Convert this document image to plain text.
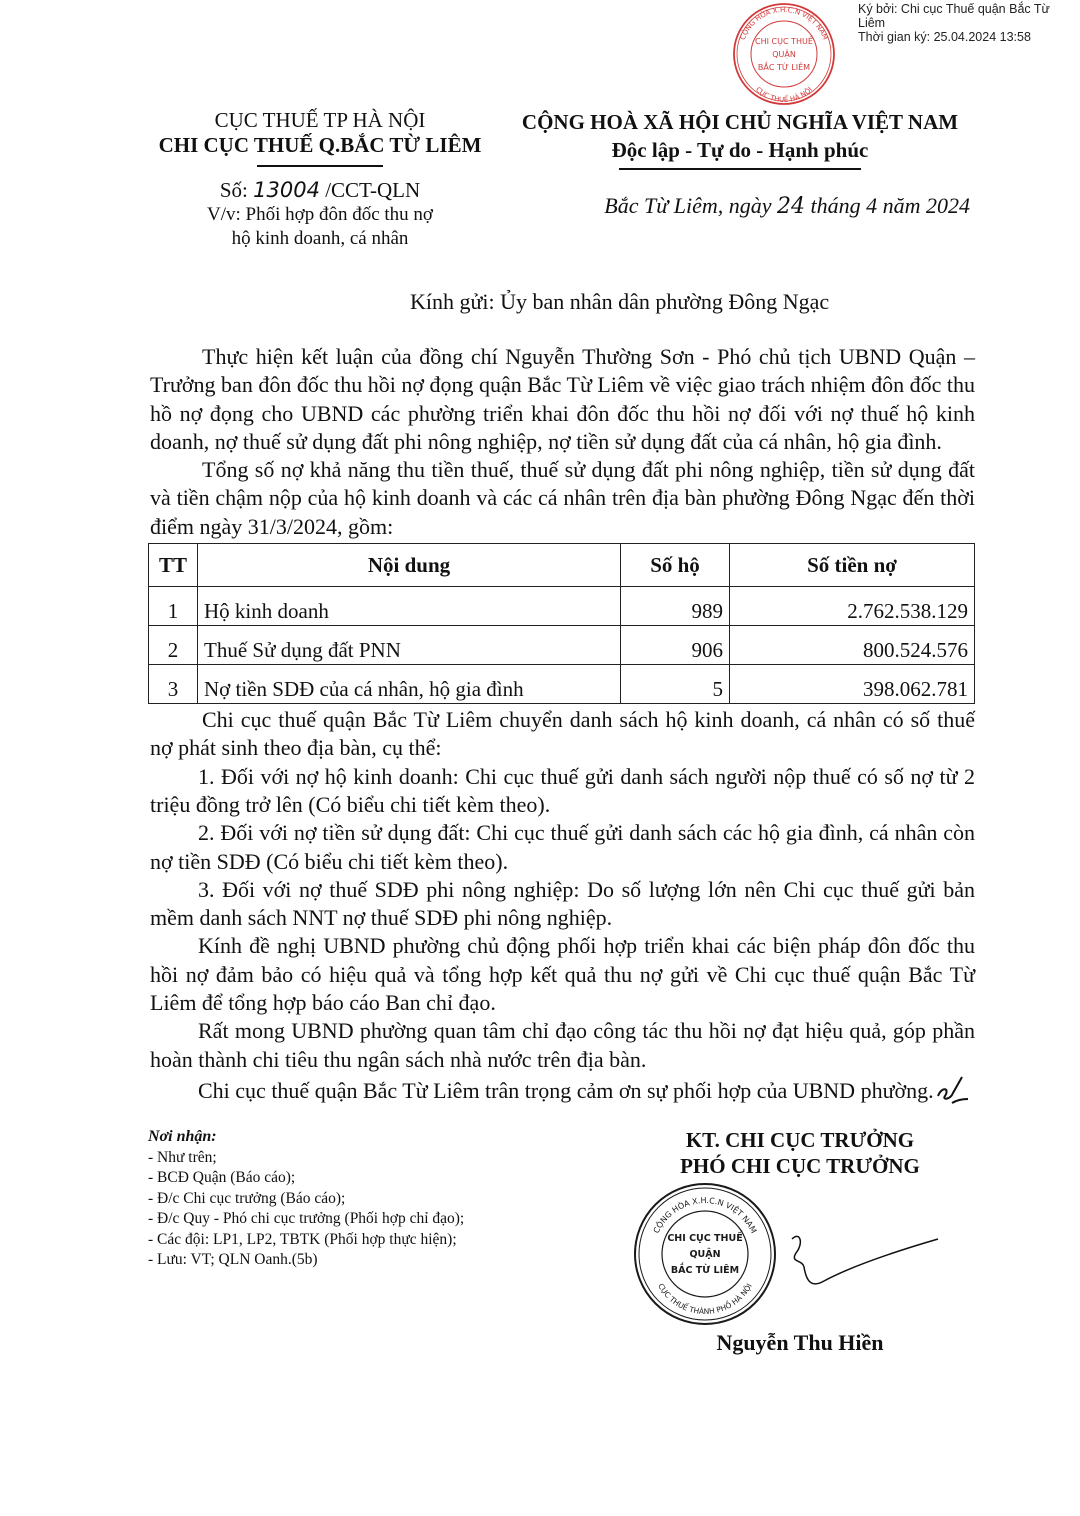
Ký bởi: Chi cục Thuế quận Bắc Từ Liêm
Thời gian ký: 25.04.2024 13:58
CỘNG HÒA X.H.C.N VIỆT NAM
CỤC THUẾ HÀ NỘI
CHI CỤC THUẾ
QUẬN
BẮC TỪ LIÊM
CỤC THUẾ TP HÀ NỘI
CHI CỤC THUẾ Q.BẮC TỪ LIÊM
Số: 13004 /CCT-QLN
V/v: Phối hợp đôn đốc thu nợ
hộ kinh doanh, cá nhân
CỘNG HOÀ XÃ HỘI CHỦ NGHĨA VIỆT NAM
Độc lập - Tự do - Hạnh phúc
Bắc Từ Liêm, ngày 24 tháng 4 năm 2024
Kính gửi: Ủy ban nhân dân phường Đông Ngạc

Thực hiện kết luận của đồng chí Nguyễn Thường Sơn - Phó chủ tịch UBND Quận – Trưởng ban đôn đốc thu hồi nợ đọng quận Bắc Từ Liêm về việc giao trách nhiệm đôn đốc thu hồ nợ đọng cho UBND các phường triển khai đôn đốc thu hồi nợ đối với nợ thuế hộ kinh doanh, nợ thuế sử dụng đất phi nông nghiệp, nợ tiền sử dụng đất của cá nhân, hộ gia đình.

Tổng số nợ khả năng thu tiền thuế, thuế sử dụng đất phi nông nghiệp, tiền sử dụng đất và tiền chậm nộp của hộ kinh doanh và các cá nhân trên địa bàn phường Đông Ngạc đến thời điểm ngày 31/3/2024, gồm:

TT	Nội dung	Số hộ	Số tiền nợ
1	Hộ kinh doanh	989	2.762.538.129
2	Thuế Sử dụng đất PNN	906	800.524.576
3	Nợ tiền SDĐ của cá nhân, hộ gia đình	5	398.062.781

Chi cục thuế quận Bắc Từ Liêm chuyển danh sách hộ kinh doanh, cá nhân có số thuế nợ phát sinh theo địa bàn, cụ thể:

1. Đối với nợ hộ kinh doanh: Chi cục thuế gửi danh sách người nộp thuế có số nợ từ 2 triệu đồng trở lên (Có biểu chi tiết kèm theo).

2. Đối với nợ tiền sử dụng đất: Chi cục thuế gửi danh sách các hộ gia đình, cá nhân còn nợ tiền SDĐ (Có biểu chi tiết kèm theo).

3. Đối với nợ thuế SDĐ phi nông nghiệp: Do số lượng lớn nên Chi cục thuế gửi bản mềm danh sách NNT nợ thuế SDĐ phi nông nghiệp.

Kính đề nghị UBND phường chủ động phối hợp triển khai các biện pháp đôn đốc thu hồi nợ đảm bảo có hiệu quả và tổng hợp kết quả thu nợ gửi về Chi cục thuế quận Bắc Từ Liêm để tổng hợp báo cáo Ban chỉ đạo.

Rất mong UBND phường quan tâm chỉ đạo công tác thu hồi nợ đạt hiệu quả, góp phần hoàn thành chi tiêu thu ngân sách nhà nước trên địa bàn.

Chi cục thuế quận Bắc Từ Liêm trân trọng cảm ơn sự phối hợp của UBND phường.

Nơi nhận:
- Như trên;
- BCĐ Quận (Báo cáo);
- Đ/c Chi cục trưởng (Báo cáo);
- Đ/c Quy - Phó chi cục trưởng (Phối hợp chỉ đạo);
- Các đội: LP1, LP2, TBTK (Phối hợp thực hiện);
- Lưu: VT; QLN Oanh.(5b)
KT. CHI CỤC TRƯỞNG
PHÓ CHI CỤC TRƯỞNG
CỘNG HÒA X.H.C.N VIỆT NAM
CỤC THUẾ THÀNH PHỐ HÀ NỘI
CHI CỤC THUẾ
QUẬN
BẮC TỪ LIÊM
Nguyễn Thu Hiền
